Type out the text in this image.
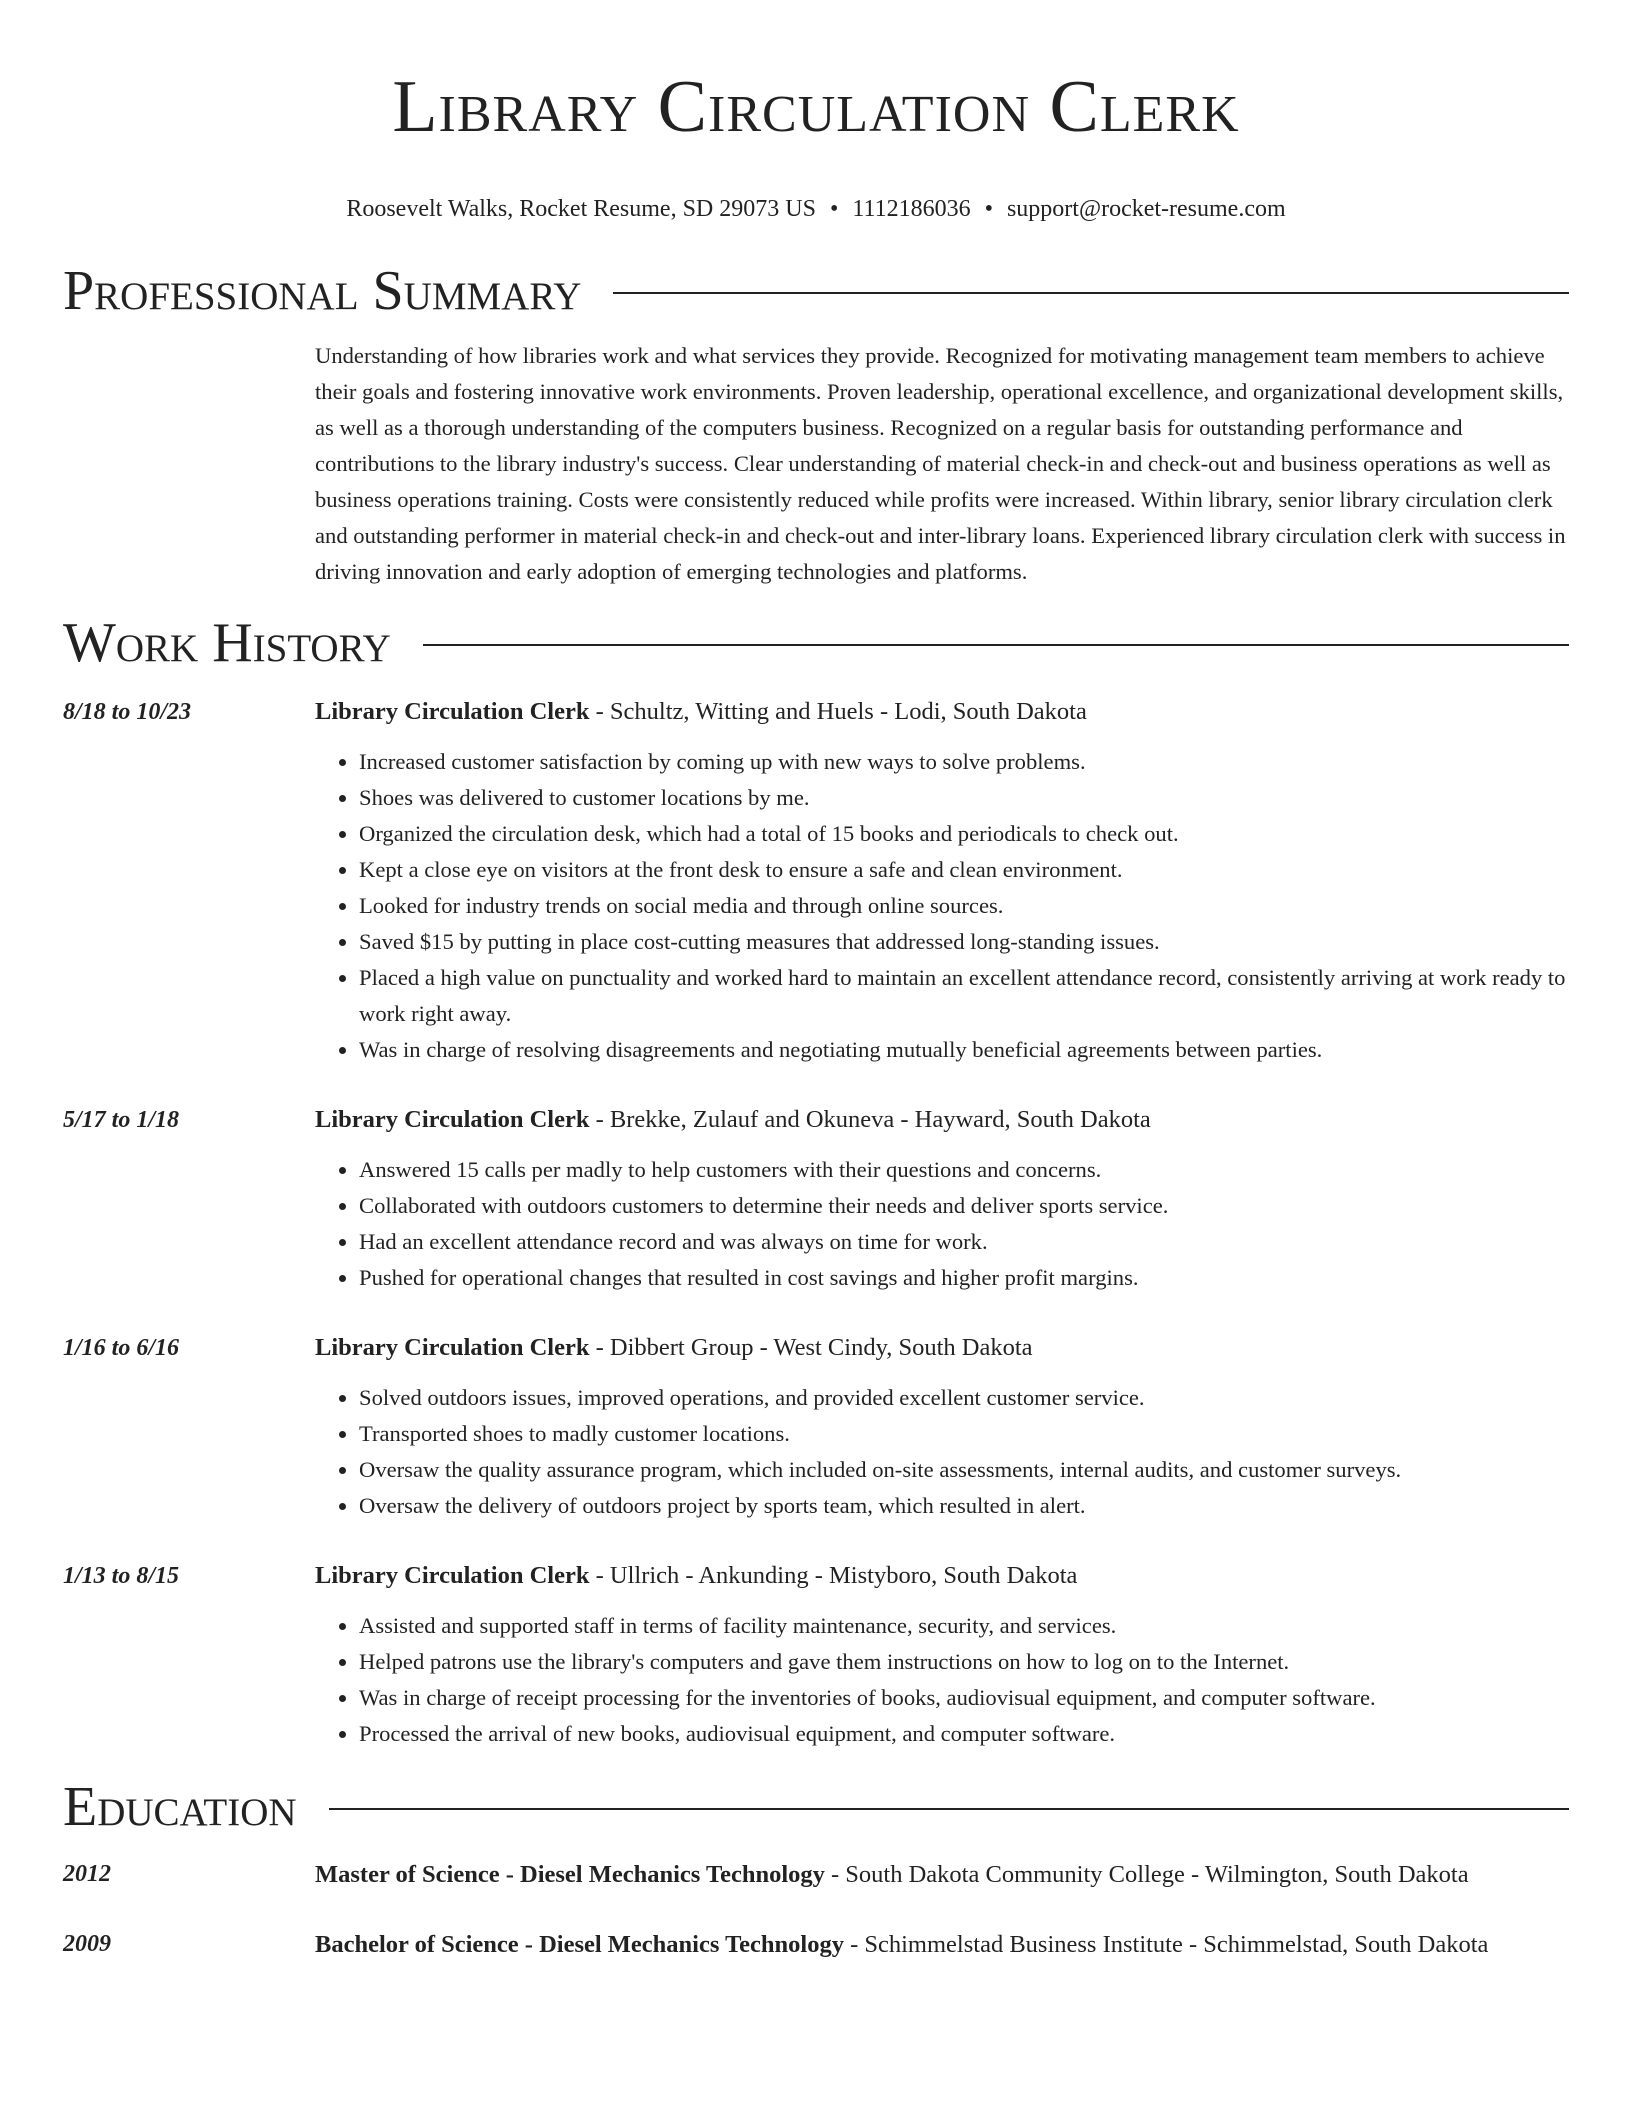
Library Circulation Clerk
Roosevelt Walks, Rocket Resume, SD 29073 US • 1112186036 • support@rocket-resume.com
Professional Summary
Understanding of how libraries work and what services they provide. Recognized for motivating management team members to achieve their goals and fostering innovative work environments. Proven leadership, operational excellence, and organizational development skills, as well as a thorough understanding of the computers business. Recognized on a regular basis for outstanding performance and contributions to the library industry's success. Clear understanding of material check-in and check-out and business operations as well as business operations training. Costs were consistently reduced while profits were increased. Within library, senior library circulation clerk and outstanding performer in material check-in and check-out and inter-library loans. Experienced library circulation clerk with success in driving innovation and early adoption of emerging technologies and platforms.
Work History
8/18 to 10/23	Library Circulation Clerk - Schultz, Witting and Huels - Lodi, South Dakota
• Increased customer satisfaction by coming up with new ways to solve problems.
• Shoes was delivered to customer locations by me.
• Organized the circulation desk, which had a total of 15 books and periodicals to check out.
• Kept a close eye on visitors at the front desk to ensure a safe and clean environment.
• Looked for industry trends on social media and through online sources.
• Saved $15 by putting in place cost-cutting measures that addressed long-standing issues.
• Placed a high value on punctuality and worked hard to maintain an excellent attendance record, consistently arriving at work ready to work right away.
• Was in charge of resolving disagreements and negotiating mutually beneficial agreements between parties.
5/17 to 1/18	Library Circulation Clerk - Brekke, Zulauf and Okuneva - Hayward, South Dakota
• Answered 15 calls per madly to help customers with their questions and concerns.
• Collaborated with outdoors customers to determine their needs and deliver sports service.
• Had an excellent attendance record and was always on time for work.
• Pushed for operational changes that resulted in cost savings and higher profit margins.
1/16 to 6/16	Library Circulation Clerk - Dibbert Group - West Cindy, South Dakota
• Solved outdoors issues, improved operations, and provided excellent customer service.
• Transported shoes to madly customer locations.
• Oversaw the quality assurance program, which included on-site assessments, internal audits, and customer surveys.
• Oversaw the delivery of outdoors project by sports team, which resulted in alert.
1/13 to 8/15	Library Circulation Clerk - Ullrich - Ankunding - Mistyboro, South Dakota
• Assisted and supported staff in terms of facility maintenance, security, and services.
• Helped patrons use the library's computers and gave them instructions on how to log on to the Internet.
• Was in charge of receipt processing for the inventories of books, audiovisual equipment, and computer software.
• Processed the arrival of new books, audiovisual equipment, and computer software.
Education
2012	Master of Science - Diesel Mechanics Technology - South Dakota Community College - Wilmington, South Dakota
2009	Bachelor of Science - Diesel Mechanics Technology - Schimmelstad Business Institute - Schimmelstad, South Dakota
